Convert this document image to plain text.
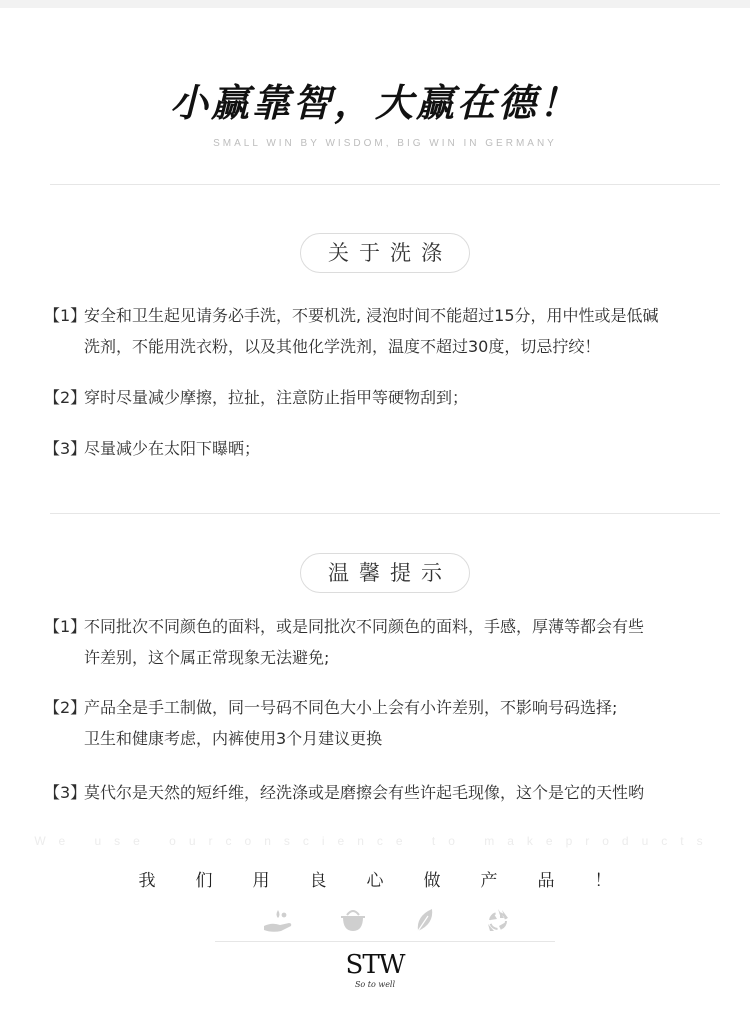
小赢靠智，大赢在德！
SMALL WIN BY WISDOM, BIG WIN IN GERMANY
关于洗涤
【1】
安全和卫生起见请务必手洗，不要机洗, 浸泡时间不能超过15分，用中性或是低碱
洗剂，不能用洗衣粉，以及其他化学洗剂，温度不超过30度，切忌拧绞！
【2】
穿时尽量减少摩擦，拉扯，注意防止指甲等硬物刮到；
【3】
尽量减少在太阳下曝晒；
温馨提示
【1】
不同批次不同颜色的面料，或是同批次不同颜色的面料，手感，厚薄等都会有些
许差别，这个属正常现象无法避免;
【2】
产品全是手工制做，同一号码不同色大小上会有小许差别，不影响号码选择;
卫生和健康考虑，内裤使用3个月建议更换
【3】
莫代尔是天然的短纤维，经洗涤或是磨擦会有些许起毛现像，这个是它的天性哟
We use ourconscience to makeproducts
我们用良心做产品！
STW
So to well
